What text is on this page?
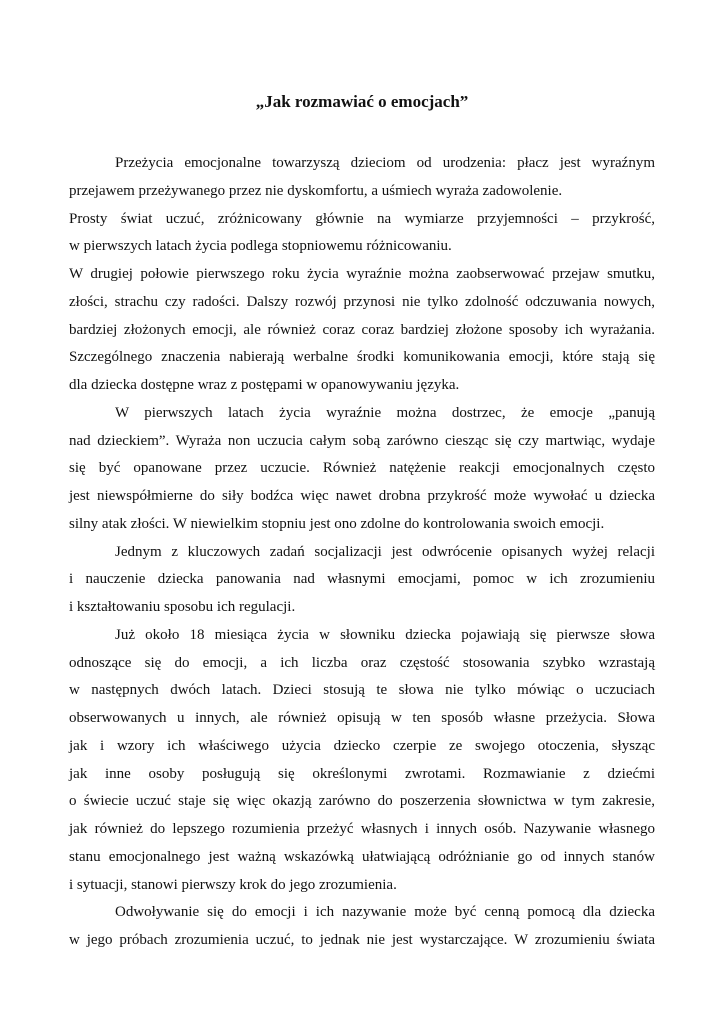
„Jak rozmawiać o emocjach”
Przeżycia emocjonalne towarzyszą dzieciom od urodzenia: płacz jest wyraźnym
przejawem przeżywanego przez nie dyskomfortu, a uśmiech wyraża zadowolenie.
Prosty świat uczuć, zróżnicowany głównie na wymiarze przyjemności – przykrość,
w pierwszych latach życia podlega stopniowemu różnicowaniu.
W drugiej połowie pierwszego roku życia wyraźnie można zaobserwować przejaw smutku,
złości, strachu czy radości. Dalszy rozwój przynosi nie tylko zdolność odczuwania nowych,
bardziej złożonych emocji, ale również coraz coraz bardziej złożone sposoby ich wyrażania.
Szczególnego znaczenia nabierają werbalne środki komunikowania emocji, które stają się
dla dziecka dostępne wraz z postępami w opanowywaniu języka.
W pierwszych latach życia wyraźnie można dostrzec, że emocje „panują
nad dzieckiem”. Wyraża non uczucia całym sobą zarówno ciesząc się czy martwiąc, wydaje
się być opanowane przez uczucie. Również natężenie reakcji emocjonalnych często
jest niewspółmierne do siły bodźca więc nawet drobna przykrość może wywołać u dziecka
silny atak złości. W niewielkim stopniu jest ono zdolne do kontrolowania swoich emocji.
Jednym z kluczowych zadań socjalizacji jest odwrócenie opisanych wyżej relacji
i nauczenie dziecka panowania nad własnymi emocjami, pomoc w ich zrozumieniu
i kształtowaniu sposobu ich regulacji.
Już około 18 miesiąca życia w słowniku dziecka pojawiają się pierwsze słowa
odnoszące się do emocji, a ich liczba oraz częstość stosowania szybko wzrastają
w następnych dwóch latach. Dzieci stosują te słowa nie tylko mówiąc o uczuciach
obserwowanych u innych, ale również opisują w ten sposób własne przeżycia. Słowa
jak i wzory ich właściwego użycia dziecko czerpie ze swojego otoczenia, słysząc
jak inne osoby posługują się określonymi zwrotami. Rozmawianie z dziećmi
o świecie uczuć staje się więc okazją zarówno do poszerzenia słownictwa w tym zakresie,
jak również do lepszego rozumienia przeżyć własnych i innych osób. Nazywanie własnego
stanu emocjonalnego jest ważną wskazówką ułatwiającą odróżnianie go od innych stanów
i sytuacji, stanowi pierwszy krok do jego zrozumienia.
Odwoływanie się do emocji i ich nazywanie może być cenną pomocą dla dziecka
w jego próbach zrozumienia uczuć, to jednak nie jest wystarczające. W zrozumieniu świata
